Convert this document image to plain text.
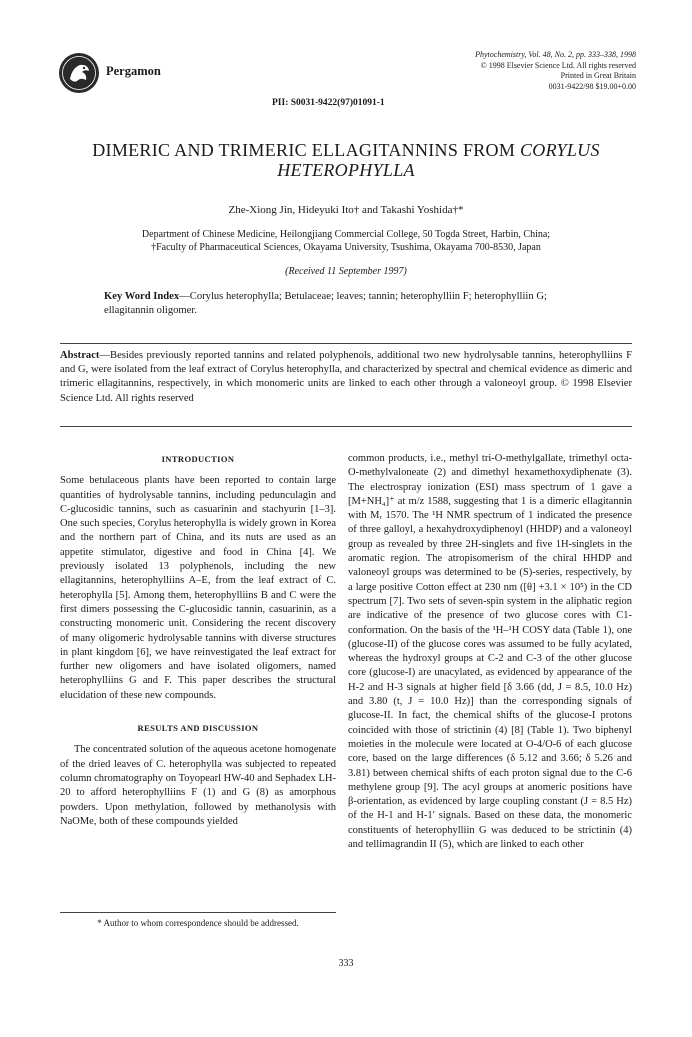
Pergamon
Phytochemistry, Vol. 48, No. 2, pp. 333–338, 1998
© 1998 Elsevier Science Ltd. All rights reserved
Printed in Great Britain
0031-9422/98 $19.00+0.00
PII: S0031-9422(97)01091-1
DIMERIC AND TRIMERIC ELLAGITANNINS FROM CORYLUS HETEROPHYLLA
Zhe-Xiong Jin, Hideyuki Ito† and Takashi Yoshida†*
Department of Chinese Medicine, Heilongjiang Commercial College, 50 Togda Street, Harbin, China;
†Faculty of Pharmaceutical Sciences, Okayama University, Tsushima, Okayama 700-8530, Japan
(Received 11 September 1997)
Key Word Index—Corylus heterophylla; Betulaceae; leaves; tannin; heterophylliin F; heterophylliin G; ellagitannin oligomer.
Abstract—Besides previously reported tannins and related polyphenols, additional two new hydrolysable tannins, heterophylliins F and G, were isolated from the leaf extract of Corylus heterophylla, and characterized by spectral and chemical evidence as dimeric and trimeric ellagitannins, respectively, in which monomeric units are linked to each other through a valoneoyl group. © 1998 Elsevier Science Ltd. All rights reserved
INTRODUCTION

Some betulaceous plants have been reported to contain large quantities of hydrolysable tannins, including pedunculagin and C-glucosidic tannins, such as casuarinin and stachyurin [1–3]. One such species, Corylus heterophylla is widely grown in Korea and the northern part of China, and its nuts are used as an appetite stimulator, digestive and food in China [4]. We previously isolated 13 polyphenols, including the new ellagitannins, heterophylliins A–E, from the leaf extract of C. heterophylla [5]. Among them, heterophylliins B and C were the first dimers possessing the C-glucosidic tannin, casuarinin, as a constructing monomeric unit. Considering the recent discovery of many oligomeric hydrolysable tannins with diverse structures in plant kingdom [6], we have reinvestigated the leaf extract for further new oligomers and have isolated oligomers, named heterophylliins G and F. This paper describes the structural elucidation of these new compounds.

RESULTS AND DISCUSSION

The concentrated solution of the aqueous acetone homogenate of the dried leaves of C. heterophylla was subjected to repeated column chromatography on Toyopearl HW-40 and Sephadex LH-20 to afford heterophylliins F (1) and G (8) as amorphous powders. Upon methylation, followed by methanolysis with NaOMe, both of these compounds yielded

common products, i.e., methyl tri-O-methylgallate, trimethyl octa-O-methylvaloneate (2) and dimethyl hexamethoxydiphenate (3). The electrospray ionization (ESI) mass spectrum of 1 gave a [M+NH₄]⁺ at m/z 1588, suggesting that 1 is a dimeric ellagitannin with Mᵣ 1570. The ¹H NMR spectrum of 1 indicated the presence of three galloyl, a hexahydroxydiphenoyl (HHDP) and a valoneoyl group as revealed by three 2H-singlets and five 1H-singlets in the aromatic region. The atropisomerism of the chiral HHDP and valoneoyl groups was determined to be (S)-series, respectively, by a large positive Cotton effect at 230 nm ([θ] +3.1 × 10⁵) in the CD spectrum [7]. Two sets of seven-spin system in the aliphatic region are indicative of the presence of two glucose cores with C1-conformation. On the basis of the ¹H–¹H COSY data (Table 1), one (glucose-II) of the glucose cores was assumed to be fully acylated, whereas the hydroxyl groups at C-2 and C-3 of the other glucose core (glucose-I) are unacylated, as evidenced by appearance of the H-2 and H-3 signals at higher field [δ 3.66 (dd, J = 8.5, 10.0 Hz) and 3.80 (t, J = 10.0 Hz)] than the corresponding signals of glucose-II. In fact, the chemical shifts of the glucose-I protons coincided with those of strictinin (4) [8] (Table 1). Two biphenyl moieties in the molecule were located at O-4/O-6 of each glucose core, based on the large differences (δ 5.12 and 3.66; δ 5.26 and 3.81) between chemical shifts of each proton signal due to the C-6 methylene group [9]. The acyl groups at anomeric positions have β-orientation, as evidenced by large coupling constant (J = 8.5 Hz) of the H-1 and H-1′ signals. Based on these data, the monomeric constituents of heterophylliin G was deduced to be strictinin (4) and tellimagrandin II (5), which are linked to each other

* Author to whom correspondence should be addressed.
333
